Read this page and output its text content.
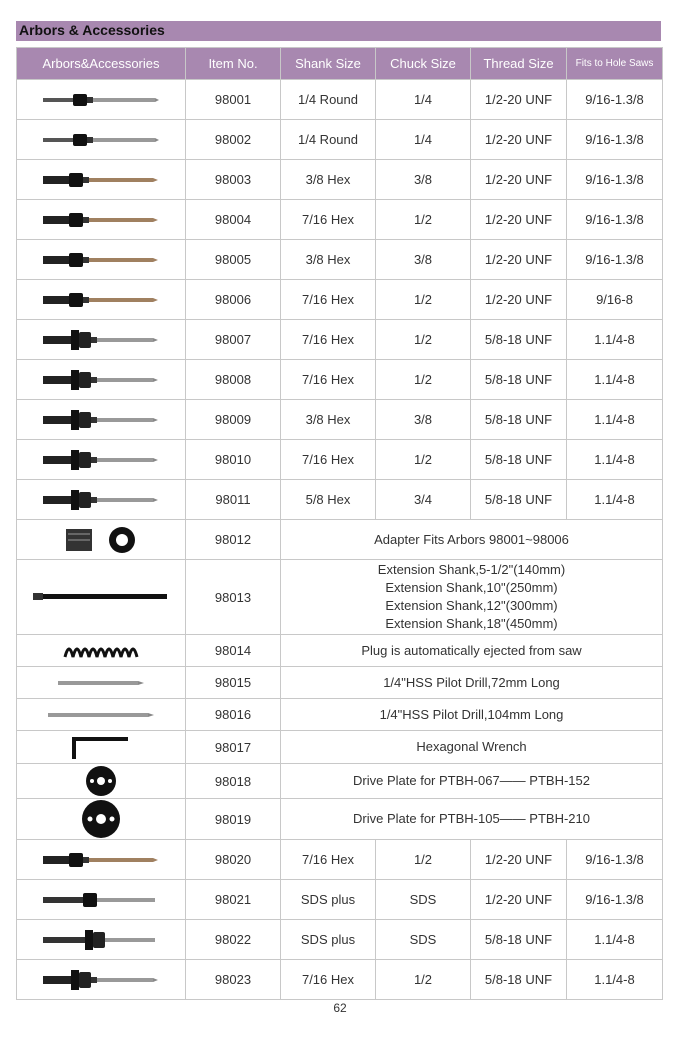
Arbors & Accessories
Arbors&Accessories	Item No.	Shank Size	Chuck Size	Thread Size	Fits to Hole Saws

	98001	1/4 Round	1/4	1/2-20 UNF	9/16-1.3/8

	98002	1/4 Round	1/4	1/2-20 UNF	9/16-1.3/8

	98003	3/8 Hex	3/8	1/2-20 UNF	9/16-1.3/8

	98004	7/16 Hex	1/2	1/2-20 UNF	9/16-1.3/8

	98005	3/8 Hex	3/8	1/2-20 UNF	9/16-1.3/8

	98006	7/16 Hex	1/2	1/2-20 UNF	9/16-8

	98007	7/16 Hex	1/2	5/8-18 UNF	1.1/4-8

	98008	7/16 Hex	1/2	5/8-18 UNF	1.1/4-8

	98009	3/8 Hex	3/8	5/8-18 UNF	1.1/4-8

	98010	7/16 Hex	1/2	5/8-18 UNF	1.1/4-8

	98011	5/8 Hex	3/4	5/8-18 UNF	1.1/4-8

	98012	Adapter Fits Arbors 98001~98006			

	98013	Extension Shank,5-1/2"(140mm)
Extension Shank,10"(250mm)
Extension Shank,12"(300mm)
Extension Shank,18"(450mm)			

	98014	Plug is automatically ejected from saw			

	98015	1/4"HSS Pilot Drill,72mm Long			

	98016	1/4"HSS Pilot Drill,104mm Long			

	98017	Hexagonal Wrench			

	98018	Drive Plate for PTBH-067—— PTBH-152			

	98019	Drive Plate for PTBH-105—— PTBH-210			

	98020	7/16 Hex	1/2	1/2-20 UNF	9/16-1.3/8

	98021	SDS plus	SDS	1/2-20 UNF	9/16-1.3/8

	98022	SDS plus	SDS	5/8-18 UNF	1.1/4-8

	98023	7/16 Hex	1/2	5/8-18 UNF	1.1/4-8
62
